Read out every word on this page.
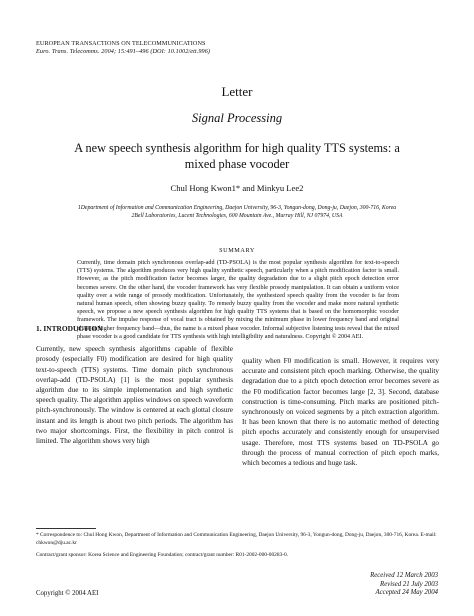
EUROPEAN TRANSACTIONS ON TELECOMMUNICATIONS
Euro. Trans. Telecomms. 2004; 15:491–496 (DOI: 10.1002/ett.996)
Letter
Signal Processing
A new speech synthesis algorithm for high quality TTS systems: a mixed phase vocoder
Chul Hong Kwon1* and Minkyu Lee2
1Department of Information and Communication Engineering, Daejon University, 96-3, Yongun-dong, Dong-ju, Daejon, 300-716, Korea
2Bell Laboratories, Lucent Technologies, 600 Mountain Ave., Murray Hill, NJ 07974, USA
SUMMARY
Currently, time domain pitch synchronous overlap-add (TD-PSOLA) is the most popular synthesis algorithm for text-to-speech (TTS) systems. The algorithm produces very high quality synthetic speech, particularly when a pitch modification factor is small. However, as the pitch modification factor becomes larger, the quality degradation due to a slight pitch epoch detection error becomes severe. On the other hand, the vocoder framework has very flexible prosody manipulation. It can obtain a uniform voice quality over a wide range of prosody modification. Unfortunately, the synthesized speech quality from the vocoder is far from natural human speech, often showing buzzy quality. To remedy buzzy quality from the vocoder and make more natural synthetic speech, we propose a new speech synthesis algorithm for high quality TTS systems that is based on the homomorphic vocoder framework. The impulse response of vocal tract is obtained by mixing the minimum phase in lower frequency band and original phase in higher frequency band—thus, the name is a mixed phase vocoder. Informal subjective listening tests reveal that the mixed phase vocoder is a good candidate for TTS synthesis with high intelligibility and naturalness. Copyright © 2004 AEI.
1. INTRODUCTION

Currently, new speech synthesis algorithms capable of flexible prosody (especially F0) modification are desired for high quality text-to-speech (TTS) systems. Time domain pitch synchronous overlap-add (TD-PSOLA) [1] is the most popular synthesis algorithm due to its simple implementation and high synthetic speech quality. The algorithm applies windows on speech waveform pitch-synchronously. The window is centered at each glottal closure instant and its length is about two pitch periods. The algorithm has two major shortcomings. First, the flexibility in pitch control is limited. The algorithm shows very high

quality when F0 modification is small. However, it requires very accurate and consistent pitch epoch marking. Otherwise, the quality degradation due to a pitch epoch detection error becomes severe as the F0 modification factor becomes large [2, 3]. Second, database construction is time-consuming. Pitch marks are positioned pitch-synchronously on voiced segments by a pitch extraction algorithm. It has been known that there is no automatic method of detecting pitch epochs accurately and consistently enough for unsupervised usage. Therefore, most TTS systems based on TD-PSOLA go through the process of manual correction of pitch epoch marks, which becomes a tedious and huge task.

* Correspondence to: Chul Hong Kwon, Department of Information and Communication Engineering, Daejon University, 96-3, Yongun-dong, Dong-ju, Daejon, 300-716, Korea. E-mail: chkwon@dju.ac.kr

Contract/grant sponsor: Korea Science and Engineering Foundation; contract/grant number: R01-2002-000-00283-0.

Received 12 March 2003
Revised 21 July 2003
Accepted 24 May 2004
Copyright © 2004 AEI
